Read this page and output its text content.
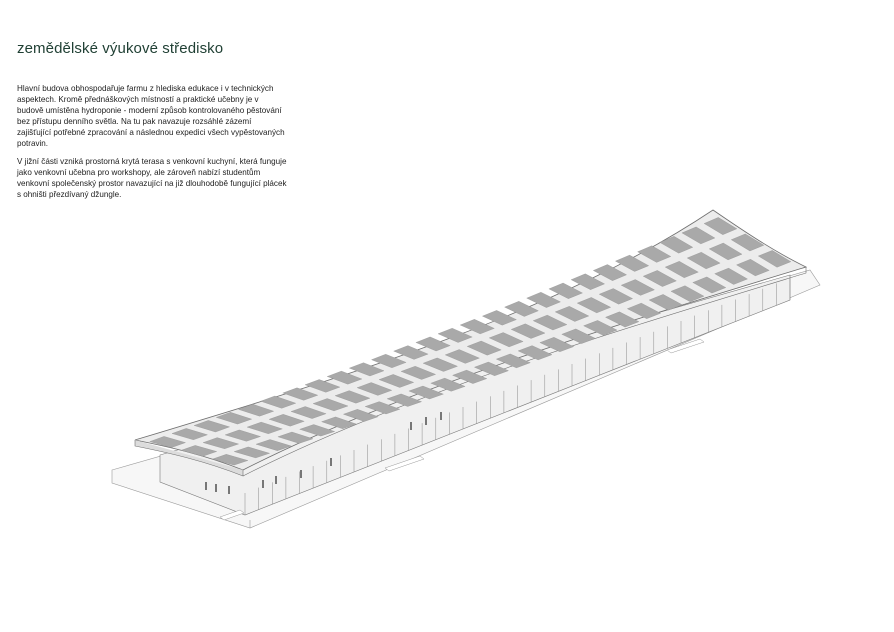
zemědělské výukové středisko

Hlavní budova obhospodařuje farmu z hlediska edukace i v technických aspektech. Kromě přednáškových místností a praktické učebny je v budově umístěna hydroponie - moderní způsob kontrolovaného pěstování bez přístupu denního světla. Na tu pak navazuje rozsáhlé zázemí zajišťující potřebné zpracování a následnou expedici všech vypěstovaných potravin.

V jižní části vzniká prostorná krytá terasa s venkovní kuchyní, která funguje jako venkovní učebna pro workshopy, ale zároveň nabízí studentům venkovní společenský prostor navazující na již dlouhodobě fungující plácek s ohništi přezdívaný džungle.
